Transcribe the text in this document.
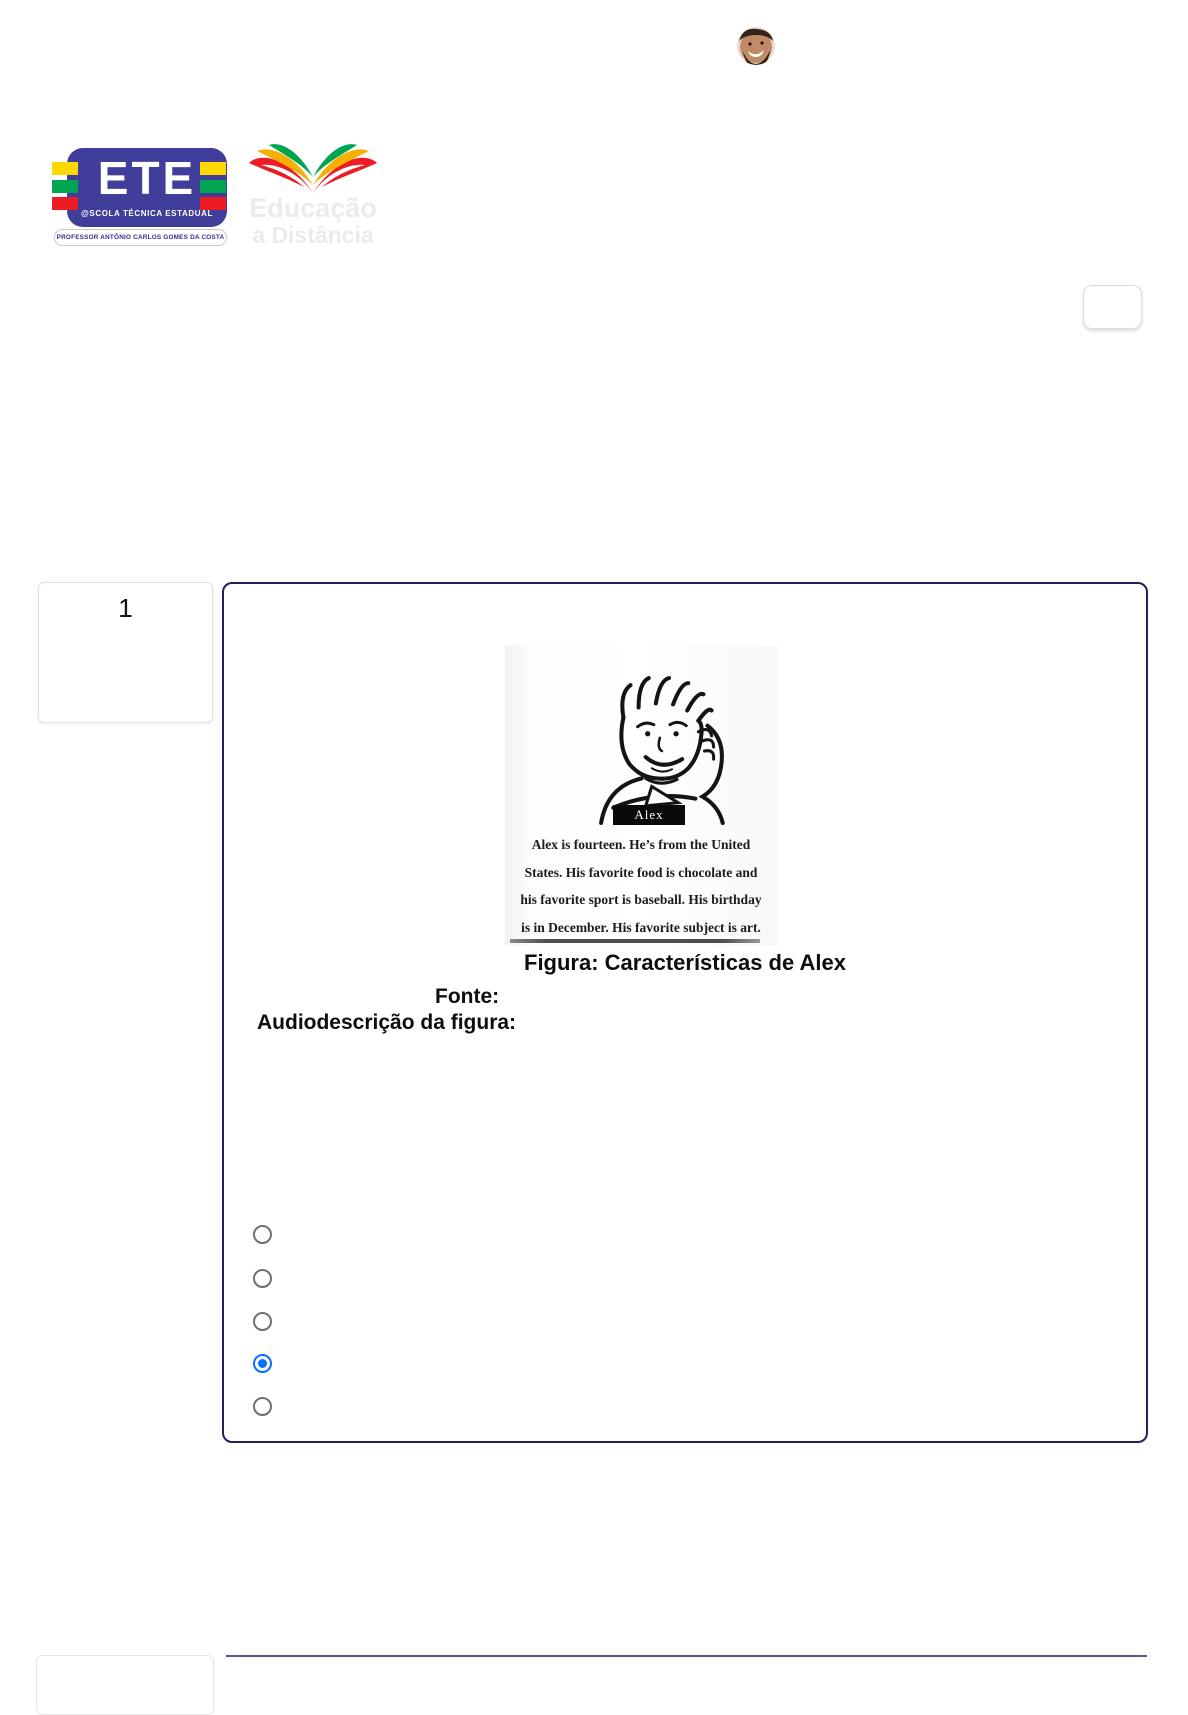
ETE
@SCOLA TÉCNICA ESTADUAL
PROFESSOR ANTÔNIO CARLOS GOMES DA COSTA
Educação
a Distância
1
Alex
Alex is fourteen. He’s from the United
States. His favorite food is chocolate and
his favorite sport is baseball. His birthday
is in December. His favorite subject is art.
Figura: Características de Alex
Fonte:
Audiodescrição da figura:
